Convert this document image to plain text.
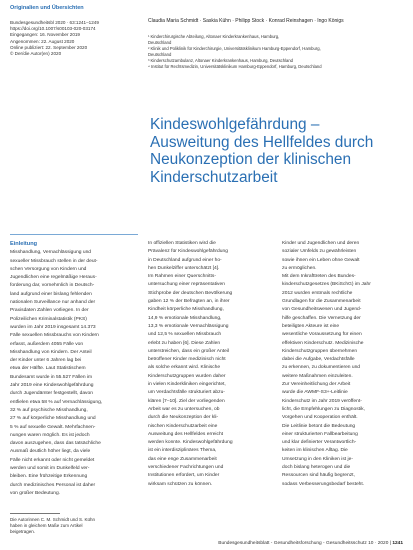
Originalien und Übersichten
Bundesgesundheitsbl 2020 · 63:1241–1249
https://doi.org/10.1007/s00103-020-03174
Eingegangen: 16. November 2019
Angenommen: 22. August 2020
Online publiziert: 22. September 2020
© Der/die Autor(en) 2020
Claudia Maria Schmidt · Saskia Kühn · Philipp Stock · Konrad Reinshagen · Ingo Königs
¹ Kinderchirurgische Abteilung, Altonaer Kinderkrankenhaus, Hamburg,
Deutschland
² Klinik und Poliklinik für Kinderchirurgie, Universitätsklinikum Hamburg-Eppendorf, Hamburg,
Deutschland
³ Kinderschutzambulanz, Altonaer Kinderkrankenhaus, Hamburg, Deutschland
⁴ Institut für Rechtsmedizin, Universitätsklinikum Hamburg-Eppendorf, Hamburg, Deutschland
Kindeswohlgefährdung –
Ausweitung des Hellfeldes durch
Neukonzeption der klinischen
Kinderschutzarbeit
Einleitung
Misshandlung, Vernachlässigung und
sexueller Missbrauch stellen in der deut-
schen Versorgung von Kindern und
Jugendlichen eine regelmäßige Heraus-
forderung dar, vornehmlich in Deutsch-
land aufgrund einer bislang fehlenden
nationalen Surveillance nur anhand der
Praxisdaten Zahlen vorliegen. In der
Polizeilichen Kriminalstatistik (PKS)
wurden im Jahr 2019 insgesamt 14.373
Fälle sexuellen Missbrauchs von Kindern
erfasst, außerdem 4055 Fälle von
Misshandlung von Kindern. Der Anteil
der Kinder unter 6 Jahren lag bei
etwa der Hälfte. Laut Statistischem
Bundesamt wurde in 55.527 Fällen im
Jahr 2019 eine Kindeswohlgefährdung
durch Jugendämter festgestellt, davon
entfielen etwa 58 % auf Vernachlässigung,
32 % auf psychische Misshandlung,
27 % auf körperliche Misshandlung und
5 % auf sexuelle Gewalt. Mehrfachnen-
nungen waren möglich. Es ist jedoch
davon auszugehen, dass das tatsächliche
Ausmaß deutlich höher liegt, da viele
Fälle nicht erkannt oder nicht gemeldet
werden und somit im Dunkelfeld ver-
bleiben. Eine frühzeitige Erkennung
durch medizinisches Personal ist daher
von großer Bedeutung.
In offiziellen Statistiken wird die
Prävalenz für Kindeswohlgefährdung
in Deutschland aufgrund einer ho-
hen Dunkelziffer unterschätzt [4].
Im Rahmen einer Querschnitts-
untersuchung einer repräsentativen
Stichprobe der deutschen Bevölkerung
gaben 12 % der Befragten an, in ihrer
Kindheit körperliche Misshandlung,
14,9 % emotionale Misshandlung,
13,3 % emotionale Vernachlässigung
und 12,5 % sexuellen Missbrauch
erlebt zu haben [6]. Diese Zahlen
unterstreichen, dass ein großer Anteil
betroffener Kinder medizinisch nicht
als solche erkannt wird. Klinische
Kinderschutzgruppen wurden daher
in vielen Kinderkliniken eingerichtet,
um Verdachtsfälle strukturiert abzu-
klären [7–10]. Ziel der vorliegenden
Arbeit war es zu untersuchen, ob
durch die Neukonzeption der kli-
nischen Kinderschutzarbeit eine
Ausweitung des Hellfeldes erreicht
werden konnte. Kindeswohlgefährdung
ist ein interdisziplinäres Thema,
das eine enge Zusammenarbeit
verschiedener Fachrichtungen und
Institutionen erfordert, um Kinder
wirksam schützen zu können.
Kinder und Jugendlichen und deren
sozialer Umfelds zu gewährleisten
sowie ihnen ein Leben ohne Gewalt
zu ermöglichen.
Mit dem Inkrafttreten des Bundes-
kinderschutzgesetzes (BKiSchG) im Jahr
2012 wurden erstmals rechtliche
Grundlagen für die Zusammenarbeit
von Gesundheitswesen und Jugend-
hilfe geschaffen. Die Vernetzung der
beteiligten Akteure ist eine
wesentliche Voraussetzung für einen
effektiven Kinderschutz. Medizinische
Kinderschutzgruppen übernehmen
dabei die Aufgabe, Verdachtsfälle
zu erkennen, zu dokumentieren und
weitere Maßnahmen einzuleiten.
Zur Vereinheitlichung der Arbeit
wurde die AWMF-S3+-Leitlinie
Kinderschutz im Jahr 2019 veröffent-
licht, die Empfehlungen zu Diagnostik,
Vorgehen und Kooperation enthält.
Die Leitlinie betont die Bedeutung
einer strukturierten Fallbearbeitung
und klar definierter Verantwortlich-
keiten im klinischen Alltag. Die
Umsetzung in den Kliniken ist je-
doch bislang heterogen und die
Ressourcen sind häufig begrenzt,
sodass Verbesserungsbedarf besteht.
Die Autorinnen C. M. Schmidt und S. Kühn
haben in gleichem Maße zum Artikel
beigetragen.
Bundesgesundheitsblatt - Gesundheitsforschung - Gesundheitsschutz 10 · 2020 | 1241
